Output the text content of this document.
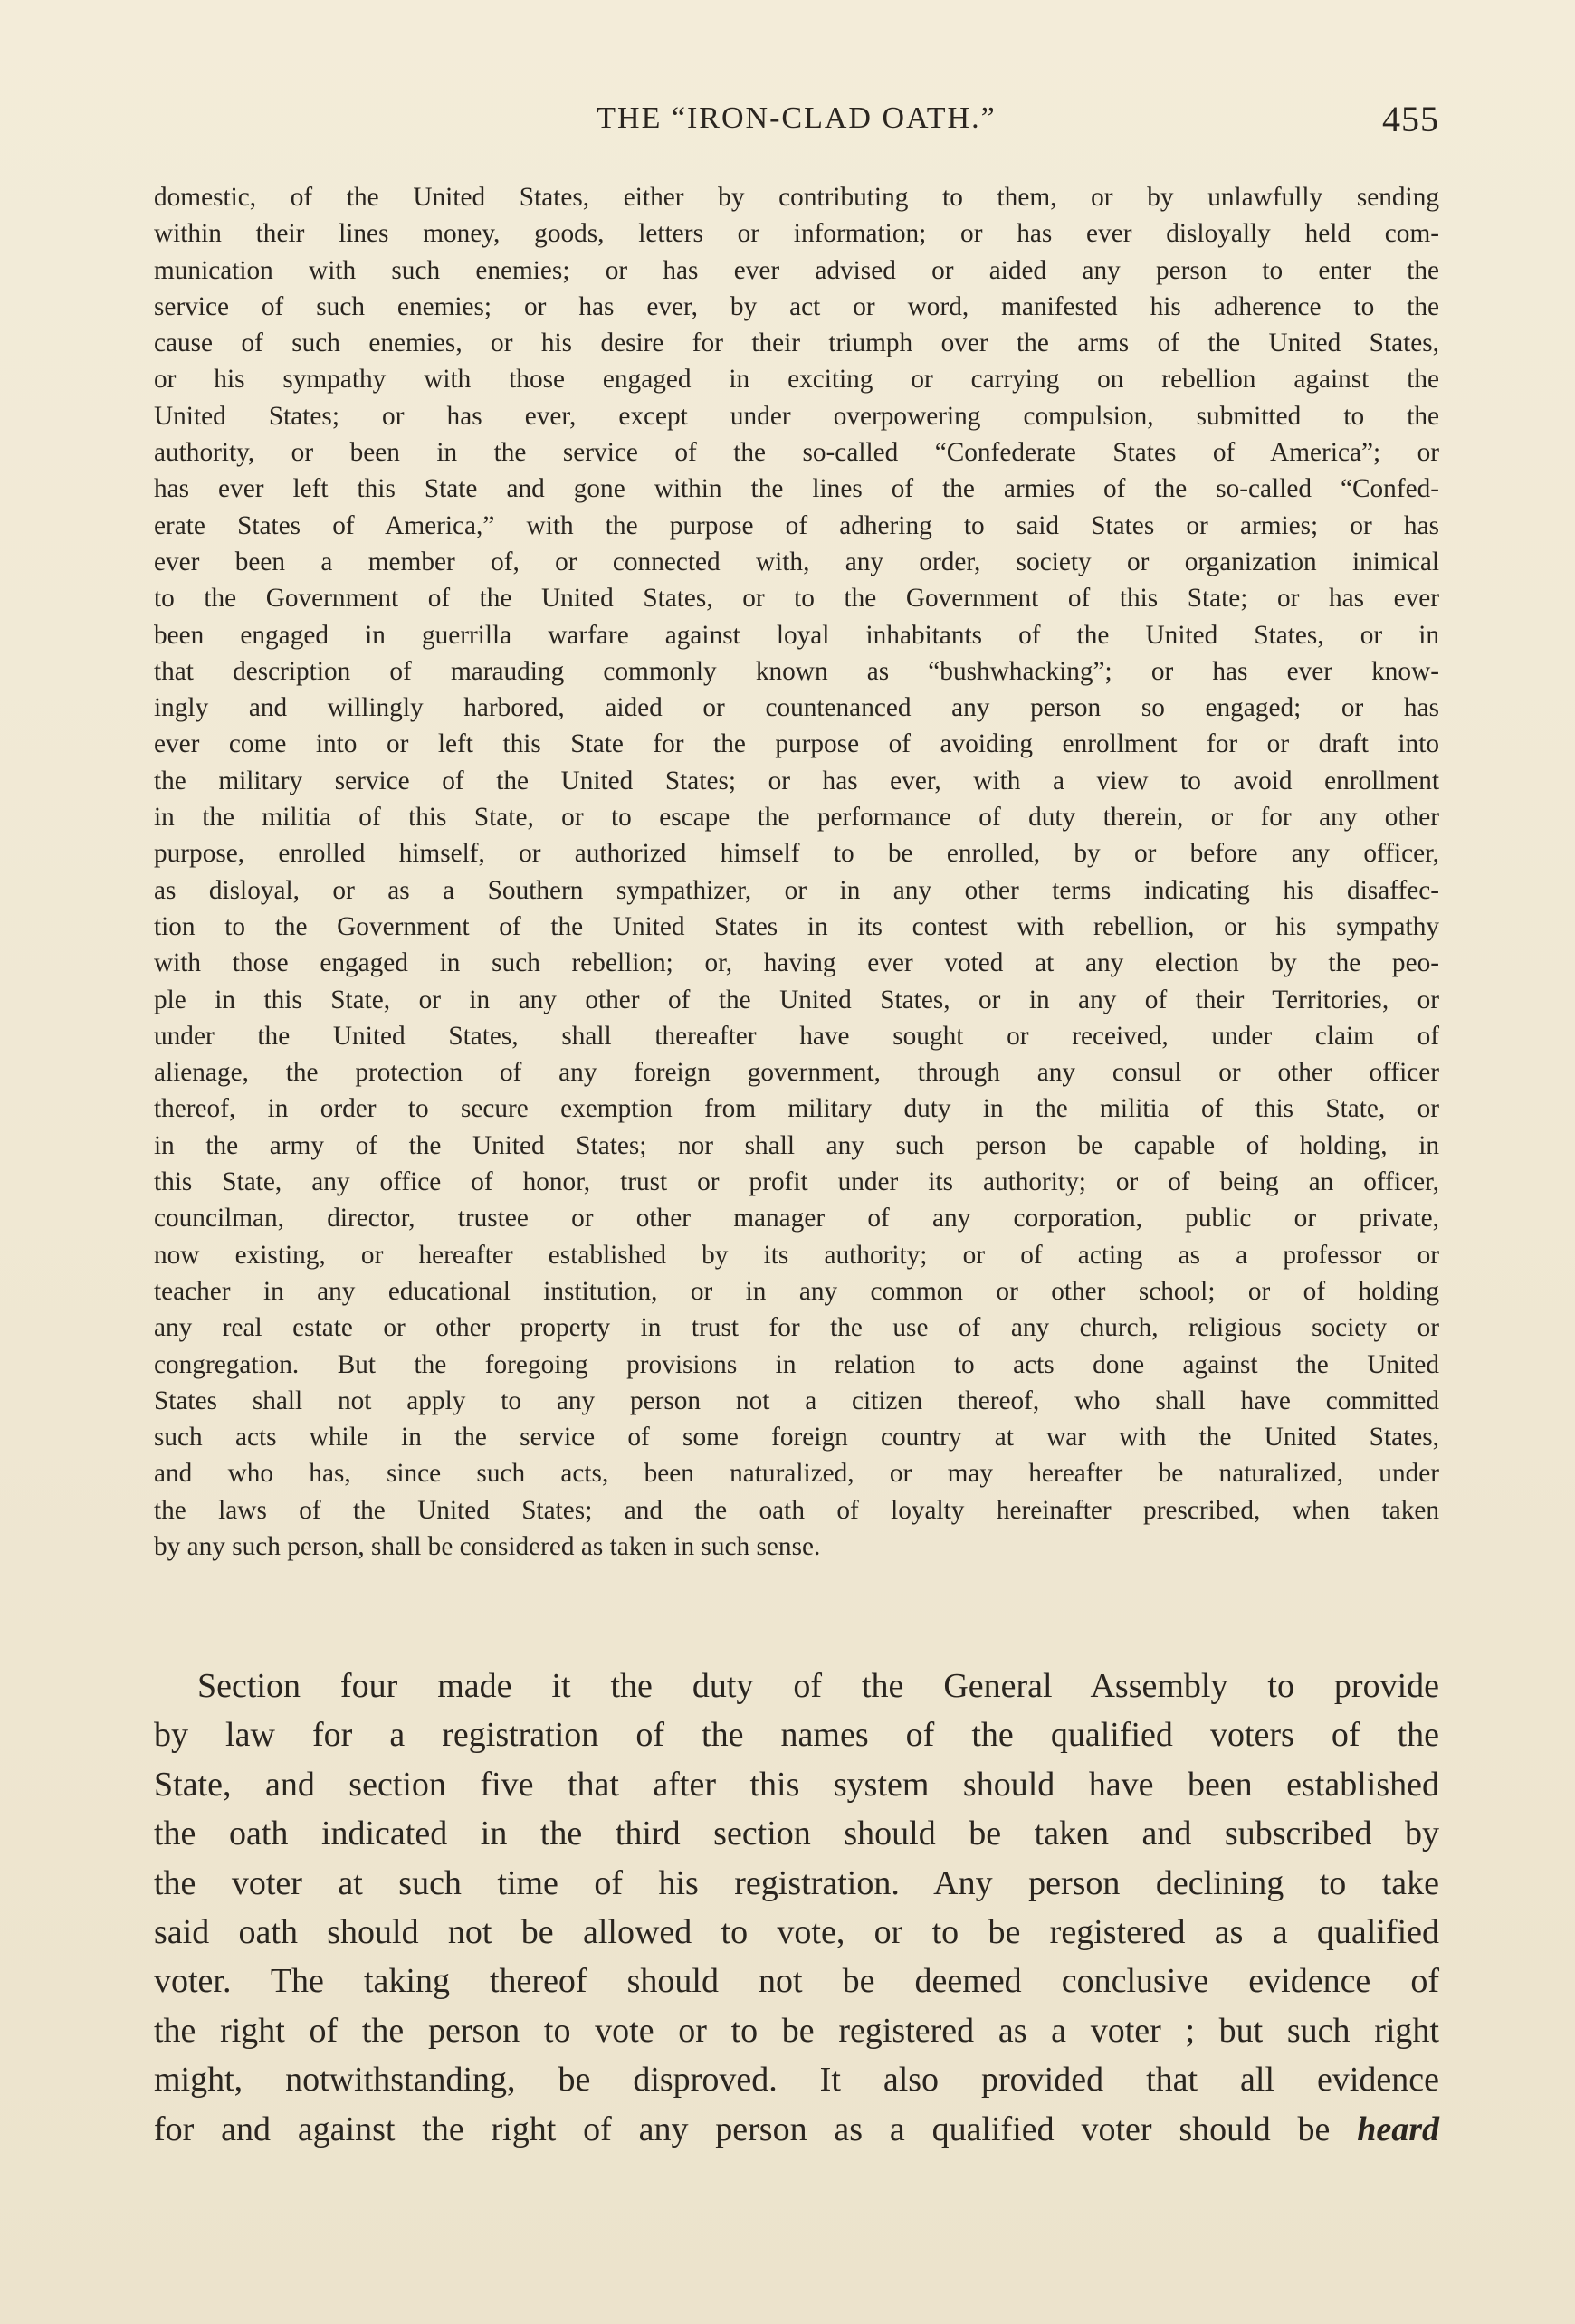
THE “IRON-CLAD OATH.”	455
domestic, of the United States, either by contributing to them, or by unlawfully sending
within their lines money, goods, letters or information; or has ever disloyally held com-
munication with such enemies; or has ever advised or aided any person to enter the
service of such enemies; or has ever, by act or word, manifested his adherence to the
cause of such enemies, or his desire for their triumph over the arms of the United States,
or his sympathy with those engaged in exciting or carrying on rebellion against the
United States; or has ever, except under overpowering compulsion, submitted to the
authority, or been in the service of the so-called “Confederate States of America”; or
has ever left this State and gone within the lines of the armies of the so-called “Confed-
erate States of America,” with the purpose of adhering to said States or armies; or has
ever been a member of, or connected with, any order, society or organization inimical
to the Government of the United States, or to the Government of this State; or has ever
been engaged in guerrilla warfare against loyal inhabitants of the United States, or in
that description of marauding commonly known as “bushwhacking”; or has ever know-
ingly and willingly harbored, aided or countenanced any person so engaged; or has
ever come into or left this State for the purpose of avoiding enrollment for or draft into
the military service of the United States; or has ever, with a view to avoid enrollment
in the militia of this State, or to escape the performance of duty therein, or for any other
purpose, enrolled himself, or authorized himself to be enrolled, by or before any officer,
as disloyal, or as a Southern sympathizer, or in any other terms indicating his disaffec-
tion to the Government of the United States in its contest with rebellion, or his sympathy
with those engaged in such rebellion; or, having ever voted at any election by the peo-
ple in this State, or in any other of the United States, or in any of their Territories, or
under the United States, shall thereafter have sought or received, under claim of
alienage, the protection of any foreign government, through any consul or other officer
thereof, in order to secure exemption from military duty in the militia of this State, or
in the army of the United States; nor shall any such person be capable of holding, in
this State, any office of honor, trust or profit under its authority; or of being an officer,
councilman, director, trustee or other manager of any corporation, public or private,
now existing, or hereafter established by its authority; or of acting as a professor or
teacher in any educational institution, or in any common or other school; or of holding
any real estate or other property in trust for the use of any church, religious society or
congregation. But the foregoing provisions in relation to acts done against the United
States shall not apply to any person not a citizen thereof, who shall have committed
such acts while in the service of some foreign country at war with the United States,
and who has, since such acts, been naturalized, or may hereafter be naturalized, under
the laws of the United States; and the oath of loyalty hereinafter prescribed, when taken
by any such person, shall be considered as taken in such sense.
Section four made it the duty of the General Assembly to provide
by law for a registration of the names of the qualified voters of the
State, and section five that after this system should have been established
the oath indicated in the third section should be taken and subscribed by
the voter at such time of his registration. Any person declining to take
said oath should not be allowed to vote, or to be registered as a qualified
voter. The taking thereof should not be deemed conclusive evidence of
the right of the person to vote or to be registered as a voter ; but such right
might, notwithstanding, be disproved. It also provided that all evidence
for and against the right of any person as a qualified voter should be heard
